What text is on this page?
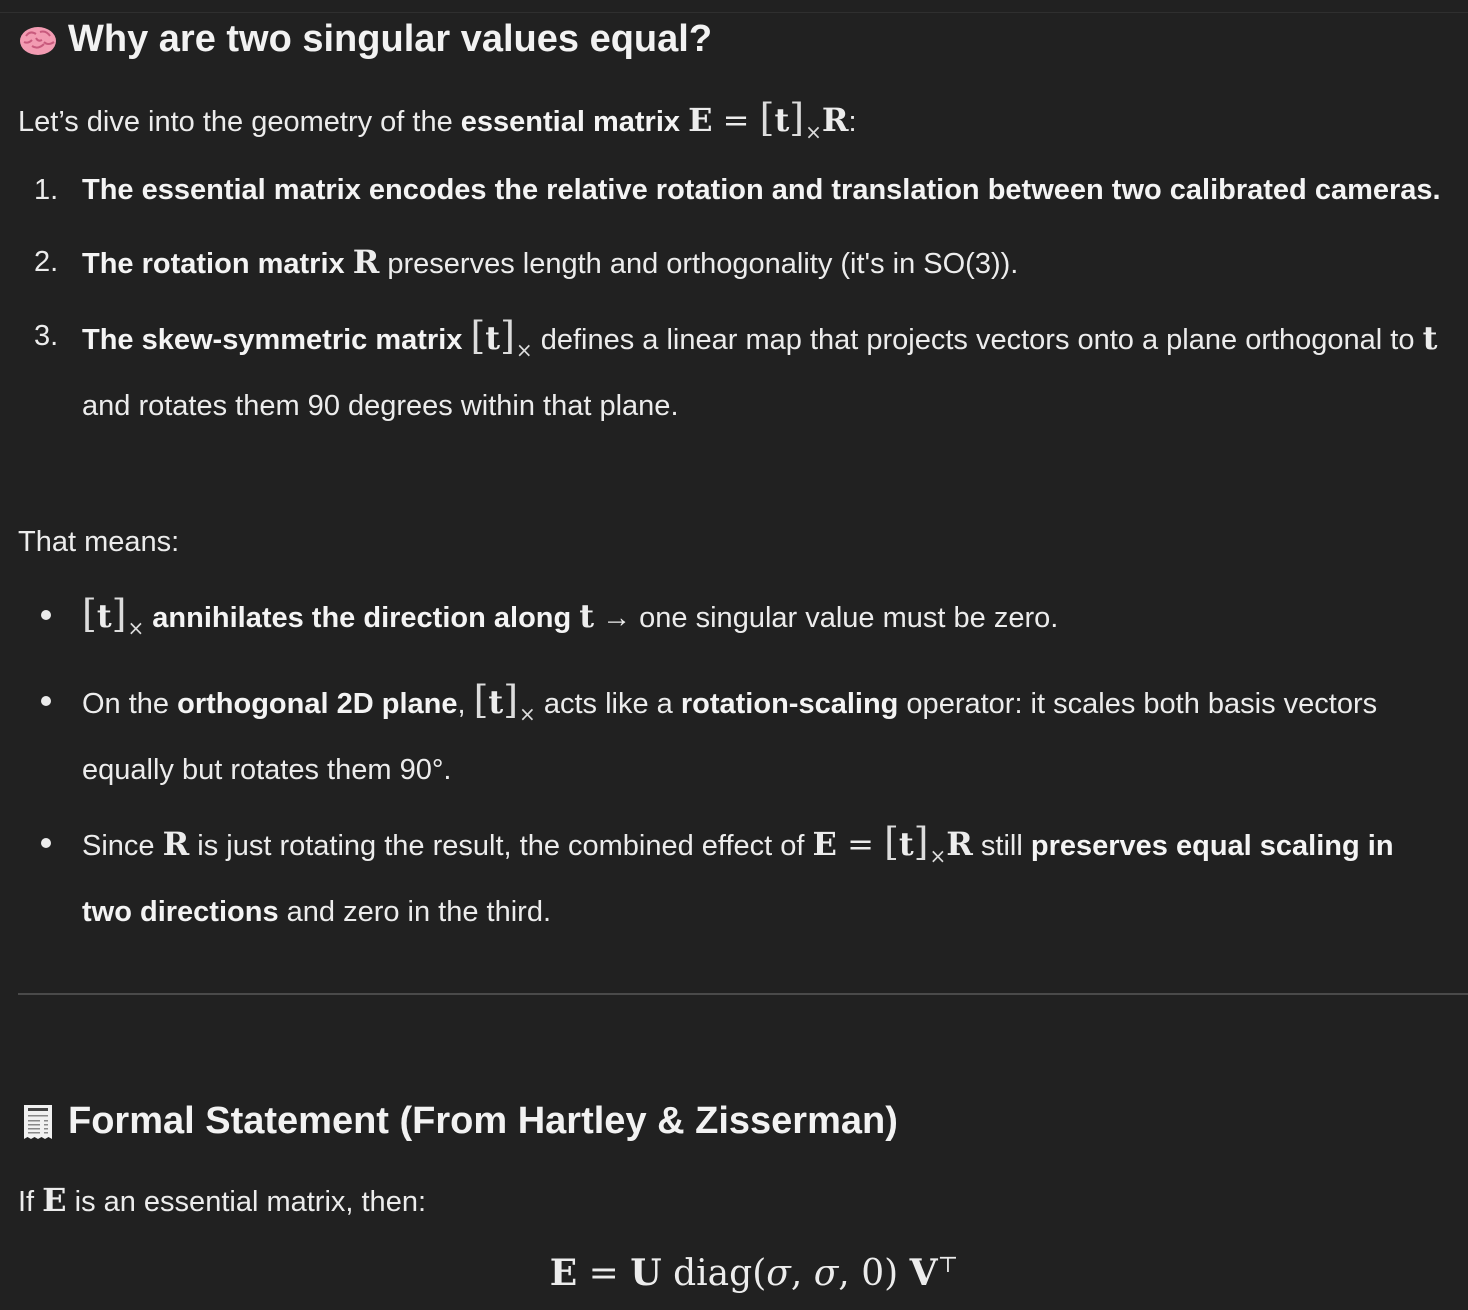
Why are two singular values equal?

Let’s dive into the geometry of the essential matrix $E = [t]_\times R$:

1. The essential matrix encodes the relative rotation and translation between two calibrated cameras.
2. The rotation matrix R preserves length and orthogonality (it's in SO(3)).
3. The skew-symmetric matrix $[t]_\times$ defines a linear map that projects vectors onto a plane orthogonal to t and rotates them 90 degrees within that plane.

That means:

$[t]_\times$ annihilates the direction along t → one singular value must be zero.
On the orthogonal 2D plane, $[t]_\times$ acts like a rotation-scaling operator: it scales both basis vectors equally but rotates them 90°.
Since R is just rotating the result, the combined effect of $E = [t]_\times R$ still preserves equal scaling in two directions and zero in the third.
Formal Statement (From Hartley & Zisserman)

If E is an essential matrix, then:

E = U diag(σ, σ, 0) V⊤
